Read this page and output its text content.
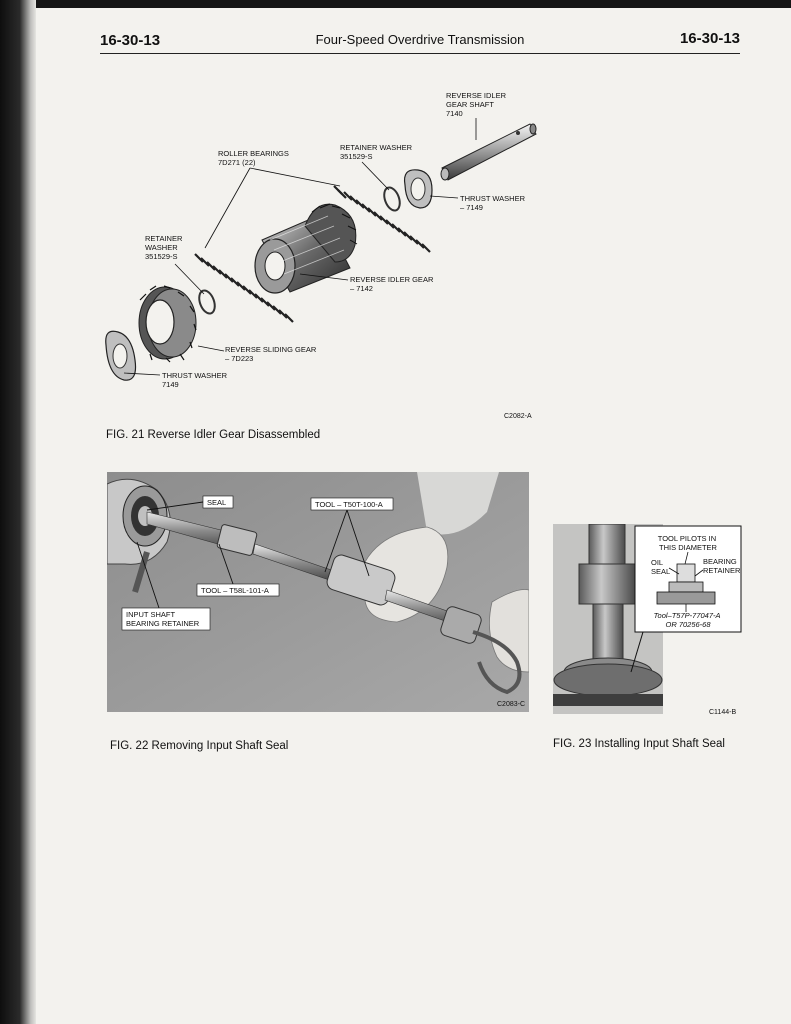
16-30-13	Four-Speed Overdrive Transmission	16-30-13
REVERSE IDLER GEAR SHAFT 7140
RETAINER WASHER 351529-S
ROLLER BEARINGS 7D271 (22)
THRUST WASHER – 7149
RETAINER WASHER 351529-S
REVERSE IDLER GEAR – 7142
REVERSE SLIDING GEAR – 7D223
THRUST WASHER 7149
C2082-A
FIG. 21 Reverse Idler Gear Disassembled
SEAL	TOOL – T50T-100-A
TOOL – T58L-101-A
INPUT SHAFT BEARING RETAINER
C2083-C
FIG. 22 Removing Input Shaft Seal
TOOL PILOTS IN THIS DIAMETER
OIL SEAL
BEARING RETAINER
Tool–T57P-77047-A OR 70256-68
C1144-B
FIG. 23 Installing Input Shaft Seal
